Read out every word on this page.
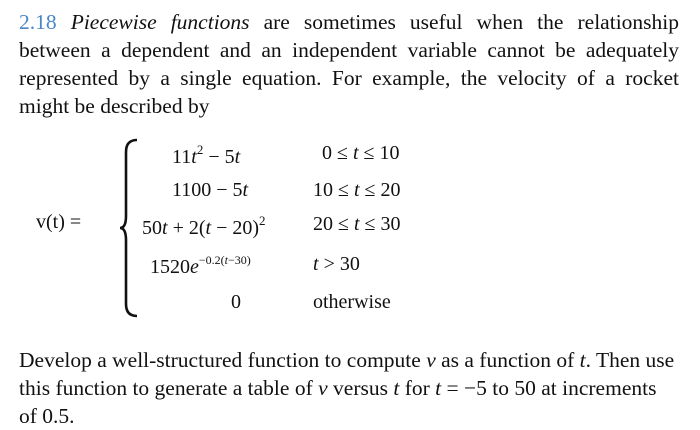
2.18 Piecewise functions are sometimes useful when the relationship between a dependent and an independent variable cannot be adequately represented by a single equation. For example, the velocity of a rocket might be described by
v(t) =
$11t^2 - 5t$
1100 − 5t
$50t + 2(t - 20)^2$
$1520e^{-0.2(t-30)}$
0
0 ≤ t ≤ 10
10 ≤ t ≤ 20
20 ≤ t ≤ 30
t > 30
otherwise
Develop a well-structured function to compute v as a function of t. Then use this function to generate a table of v versus t for t = −5 to 50 at increments of 0.5.
